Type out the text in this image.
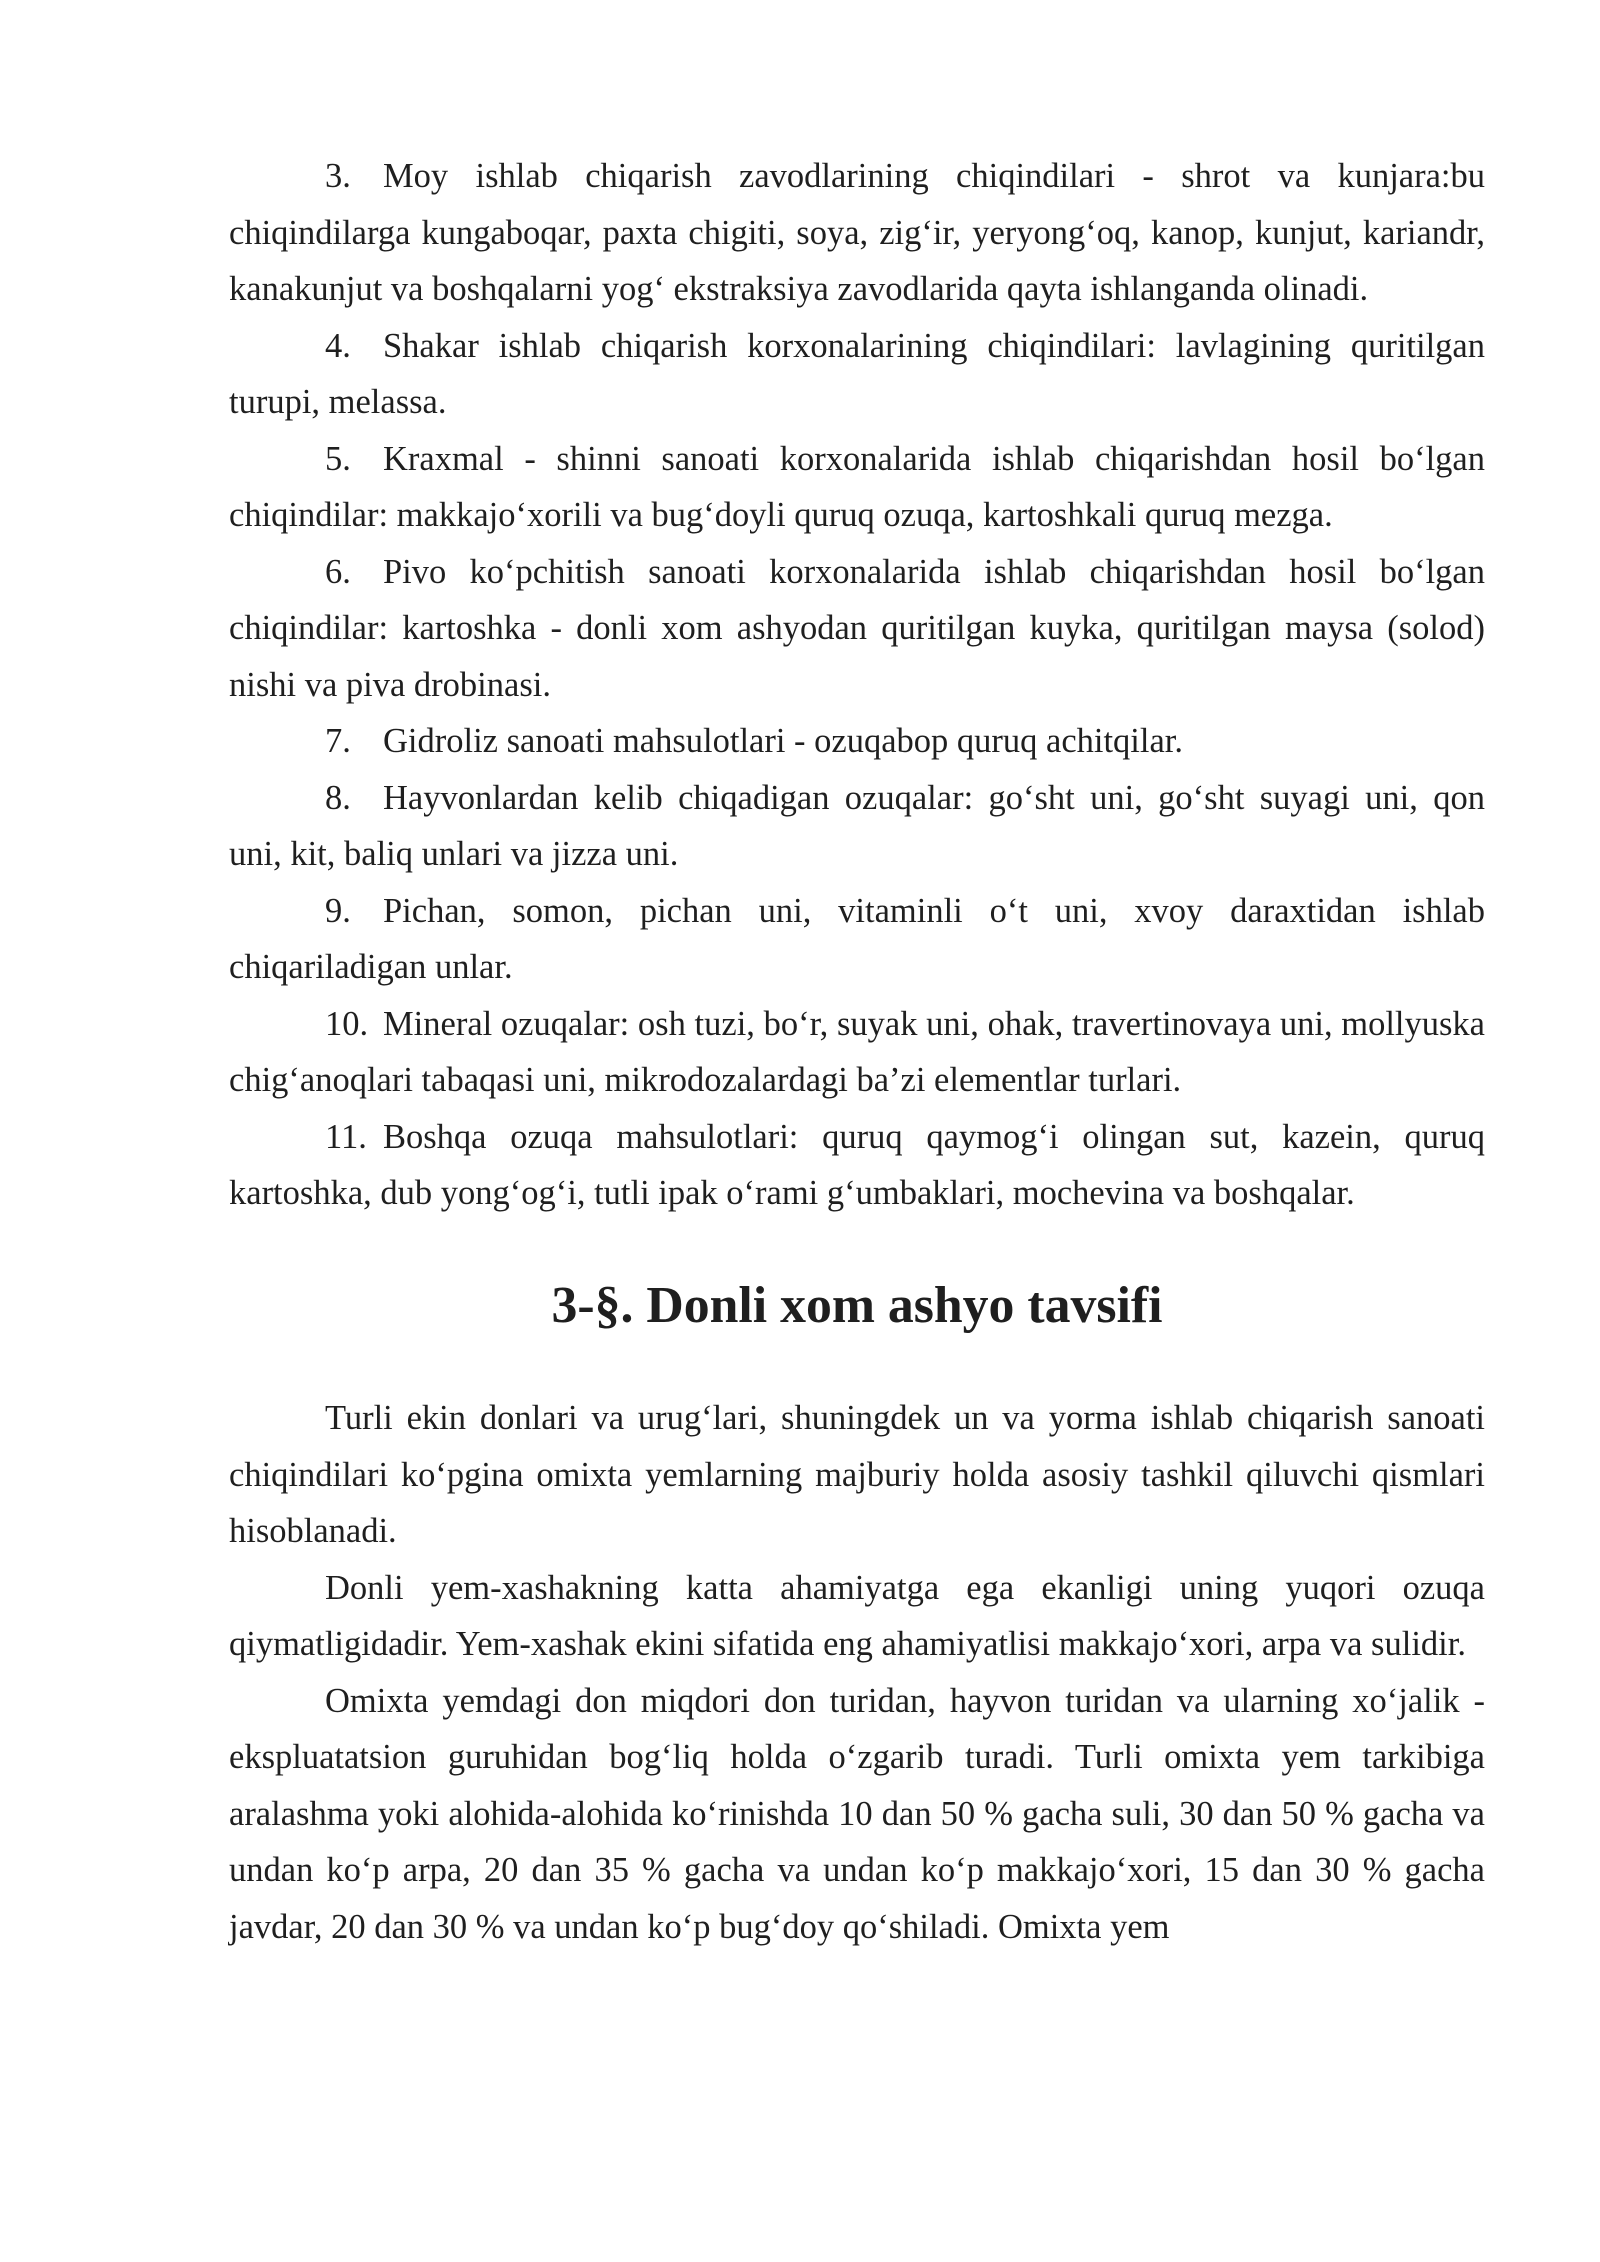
3. Moy ishlab chiqarish zavodlarining chiqindilari - shrot va kunjara:bu chiqindilarga kungaboqar, paxta chigiti, soya, zig‘ir, yeryong‘oq, kanop, kunjut, kariandr, kanakunjut va boshqalarni yog‘ ekstraksiya zavodlarida qayta ishlanganda olinadi.

4. Shakar ishlab chiqarish korxonalarining chiqindilari: lavlagining quritilgan turupi, melassa.

5. Kraxmal - shinni sanoati korxonalarida ishlab chiqarishdan hosil bo‘lgan chiqindilar: makkajo‘xorili va bug‘doyli quruq ozuqa, kartoshkali quruq mezga.

6. Pivo ko‘pchitish sanoati korxonalarida ishlab chiqarishdan hosil bo‘lgan chiqindilar: kartoshka - donli xom ashyodan quritilgan kuyka, quritilgan maysa (solod) nishi va piva drobinasi.

7. Gidroliz sanoati mahsulotlari - ozuqabop quruq achitqilar.

8. Hayvonlardan kelib chiqadigan ozuqalar: go‘sht uni, go‘sht suyagi uni, qon uni, kit, baliq unlari va jizza uni.

9. Pichan, somon, pichan uni, vitaminli o‘t uni, xvoy daraxtidan ishlab chiqariladigan unlar.

10. Mineral ozuqalar: osh tuzi, bo‘r, suyak uni, ohak, travertinovaya uni, mollyuska chig‘anoqlari tabaqasi uni, mikrodozalardagi ba’zi elementlar turlari.

11. Boshqa ozuqa mahsulotlari: quruq qaymog‘i olingan sut, kazein, quruq kartoshka, dub yong‘og‘i, tutli ipak o‘rami g‘umbaklari, mochevina va boshqalar.

3-§. Donli xom ashyo tavsifi

Turli ekin donlari va urug‘lari, shuningdek un va yorma ishlab chiqarish sanoati chiqindilari ko‘pgina omixta yemlarning majburiy holda asosiy tashkil qiluvchi qismlari hisoblanadi.

Donli yem-xashakning katta ahamiyatga ega ekanligi uning yuqori ozuqa qiymatligidadir. Yem-xashak ekini sifatida eng ahamiyatlisi makkajo‘xori, arpa va sulidir.

Omixta yemdagi don miqdori don turidan, hayvon turidan va ularning xo‘jalik - ekspluatatsion guruhidan bog‘liq holda o‘zgarib turadi. Turli omixta yem tarkibiga aralashma yoki alohida-alohida ko‘rinishda 10 dan 50 % gacha suli, 30 dan 50 % gacha va undan ko‘p arpa, 20 dan 35 % gacha va undan ko‘p makkajo‘xori, 15 dan 30 % gacha javdar, 20 dan 30 % va undan ko‘p bug‘doy qo‘shiladi. Omixta yem
